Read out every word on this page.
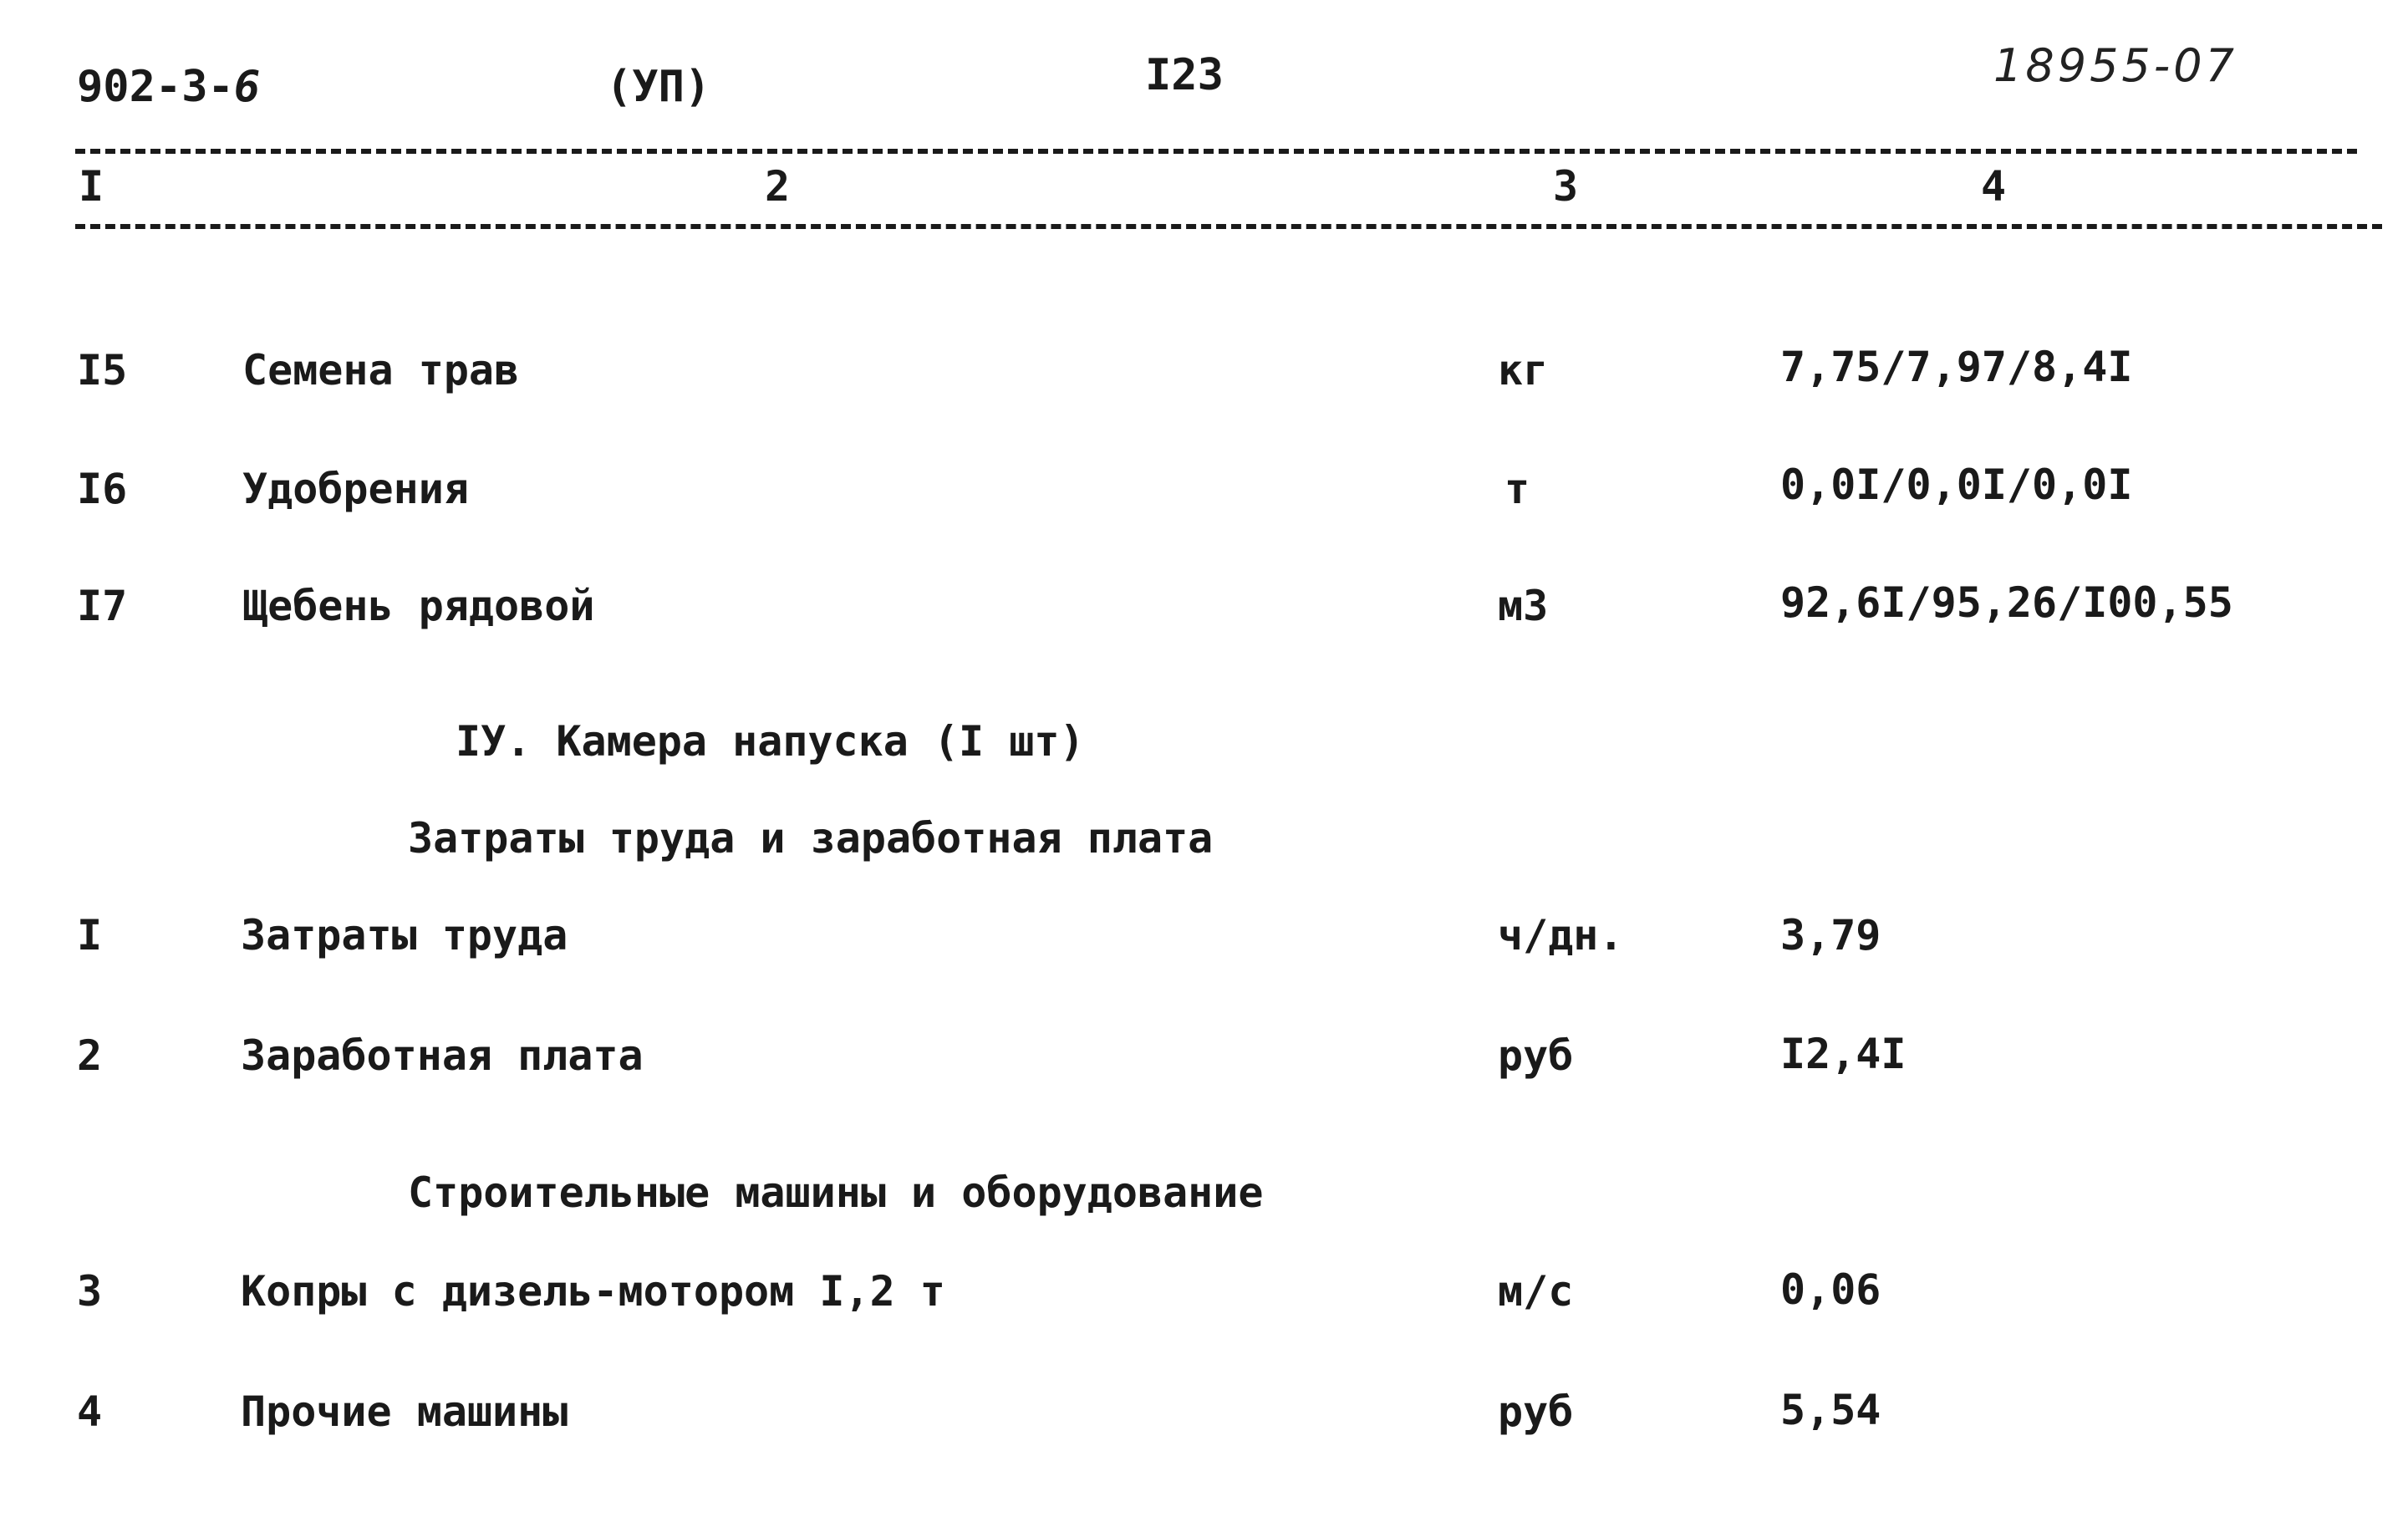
902-3-6	(УП)	I23	18955-07
I	2	3	4
I5	Семена трав	кг	7,75/7,97/8,4I
I6	Удобрения	т	0,0I/0,0I/0,0I
I7	Щебень рядовой	м3	92,6I/95,26/I00,55
IУ. Камера напуска (I шт)
Затраты труда и заработная плата
I	Затраты труда	ч/дн.	3,79
2	Заработная плата	руб	I2,4I
Строительные машины и оборудование
3	Копры с дизель-мотором I,2 т	м/с	0,06
4	Прочие машины	руб	5,54
